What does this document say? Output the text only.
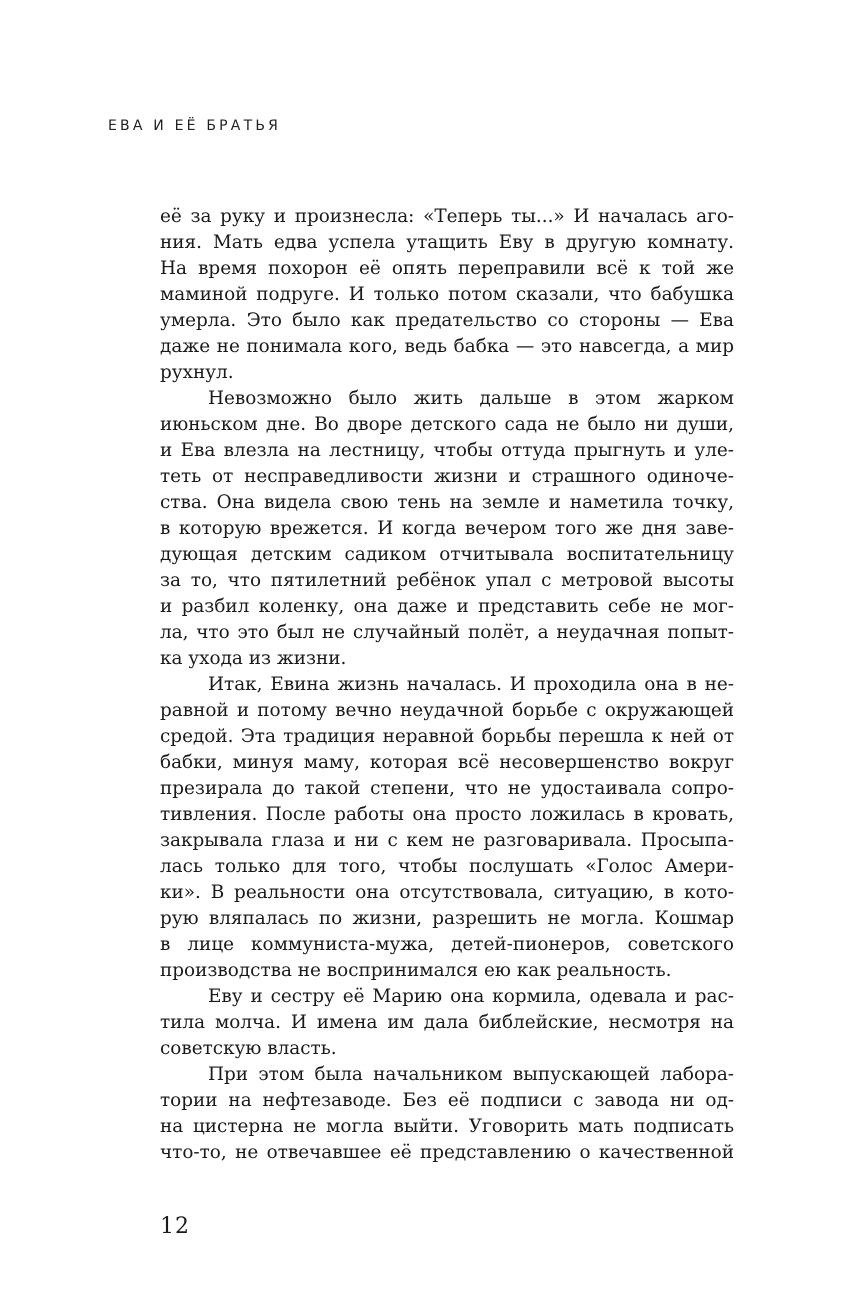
ЕВА И ЕЁ БРАТЬЯ
её за руку и произнесла: «Теперь ты...» И началась аго-
ния. Мать едва успела утащить Еву в другую комнату.
На время похорон её опять переправили всё к той же
маминой подруге. И только потом сказали, что бабушка
умерла. Это было как предательство со стороны — Ева
даже не понимала кого, ведь бабка — это навсегда, а мир
рухнул.
Невозможно было жить дальше в этом жарком
июньском дне. Во дворе детского сада не было ни души,
и Ева влезла на лестницу, чтобы оттуда прыгнуть и уле-
теть от несправедливости жизни и страшного одиноче-
ства. Она видела свою тень на земле и наметила точку,
в которую врежется. И когда вечером того же дня заве-
дующая детским садиком отчитывала воспитательницу
за то, что пятилетний ребёнок упал с метровой высоты
и разбил коленку, она даже и представить себе не мог-
ла, что это был не случайный полёт, а неудачная попыт-
ка ухода из жизни.
Итак, Евина жизнь началась. И проходила она в не-
равной и потому вечно неудачной борьбе с окружающей
средой. Эта традиция неравной борьбы перешла к ней от
бабки, минуя маму, которая всё несовершенство вокруг
презирала до такой степени, что не удостаивала сопро-
тивления. После работы она просто ложилась в кровать,
закрывала глаза и ни с кем не разговаривала. Просыпа-
лась только для того, чтобы послушать «Голос Амери-
ки». В реальности она отсутствовала, ситуацию, в кото-
рую вляпалась по жизни, разрешить не могла. Кошмар
в лице коммуниста-мужа, детей-пионеров, советского
производства не воспринимался ею как реальность.
Еву и сестру её Марию она кормила, одевала и рас-
тила молча. И имена им дала библейские, несмотря на
советскую власть.
При этом была начальником выпускающей лабора-
тории на нефтезаводе. Без её подписи с завода ни од-
на цистерна не могла выйти. Уговорить мать подписать
что-то, не отвечавшее её представлению о качественной
12
